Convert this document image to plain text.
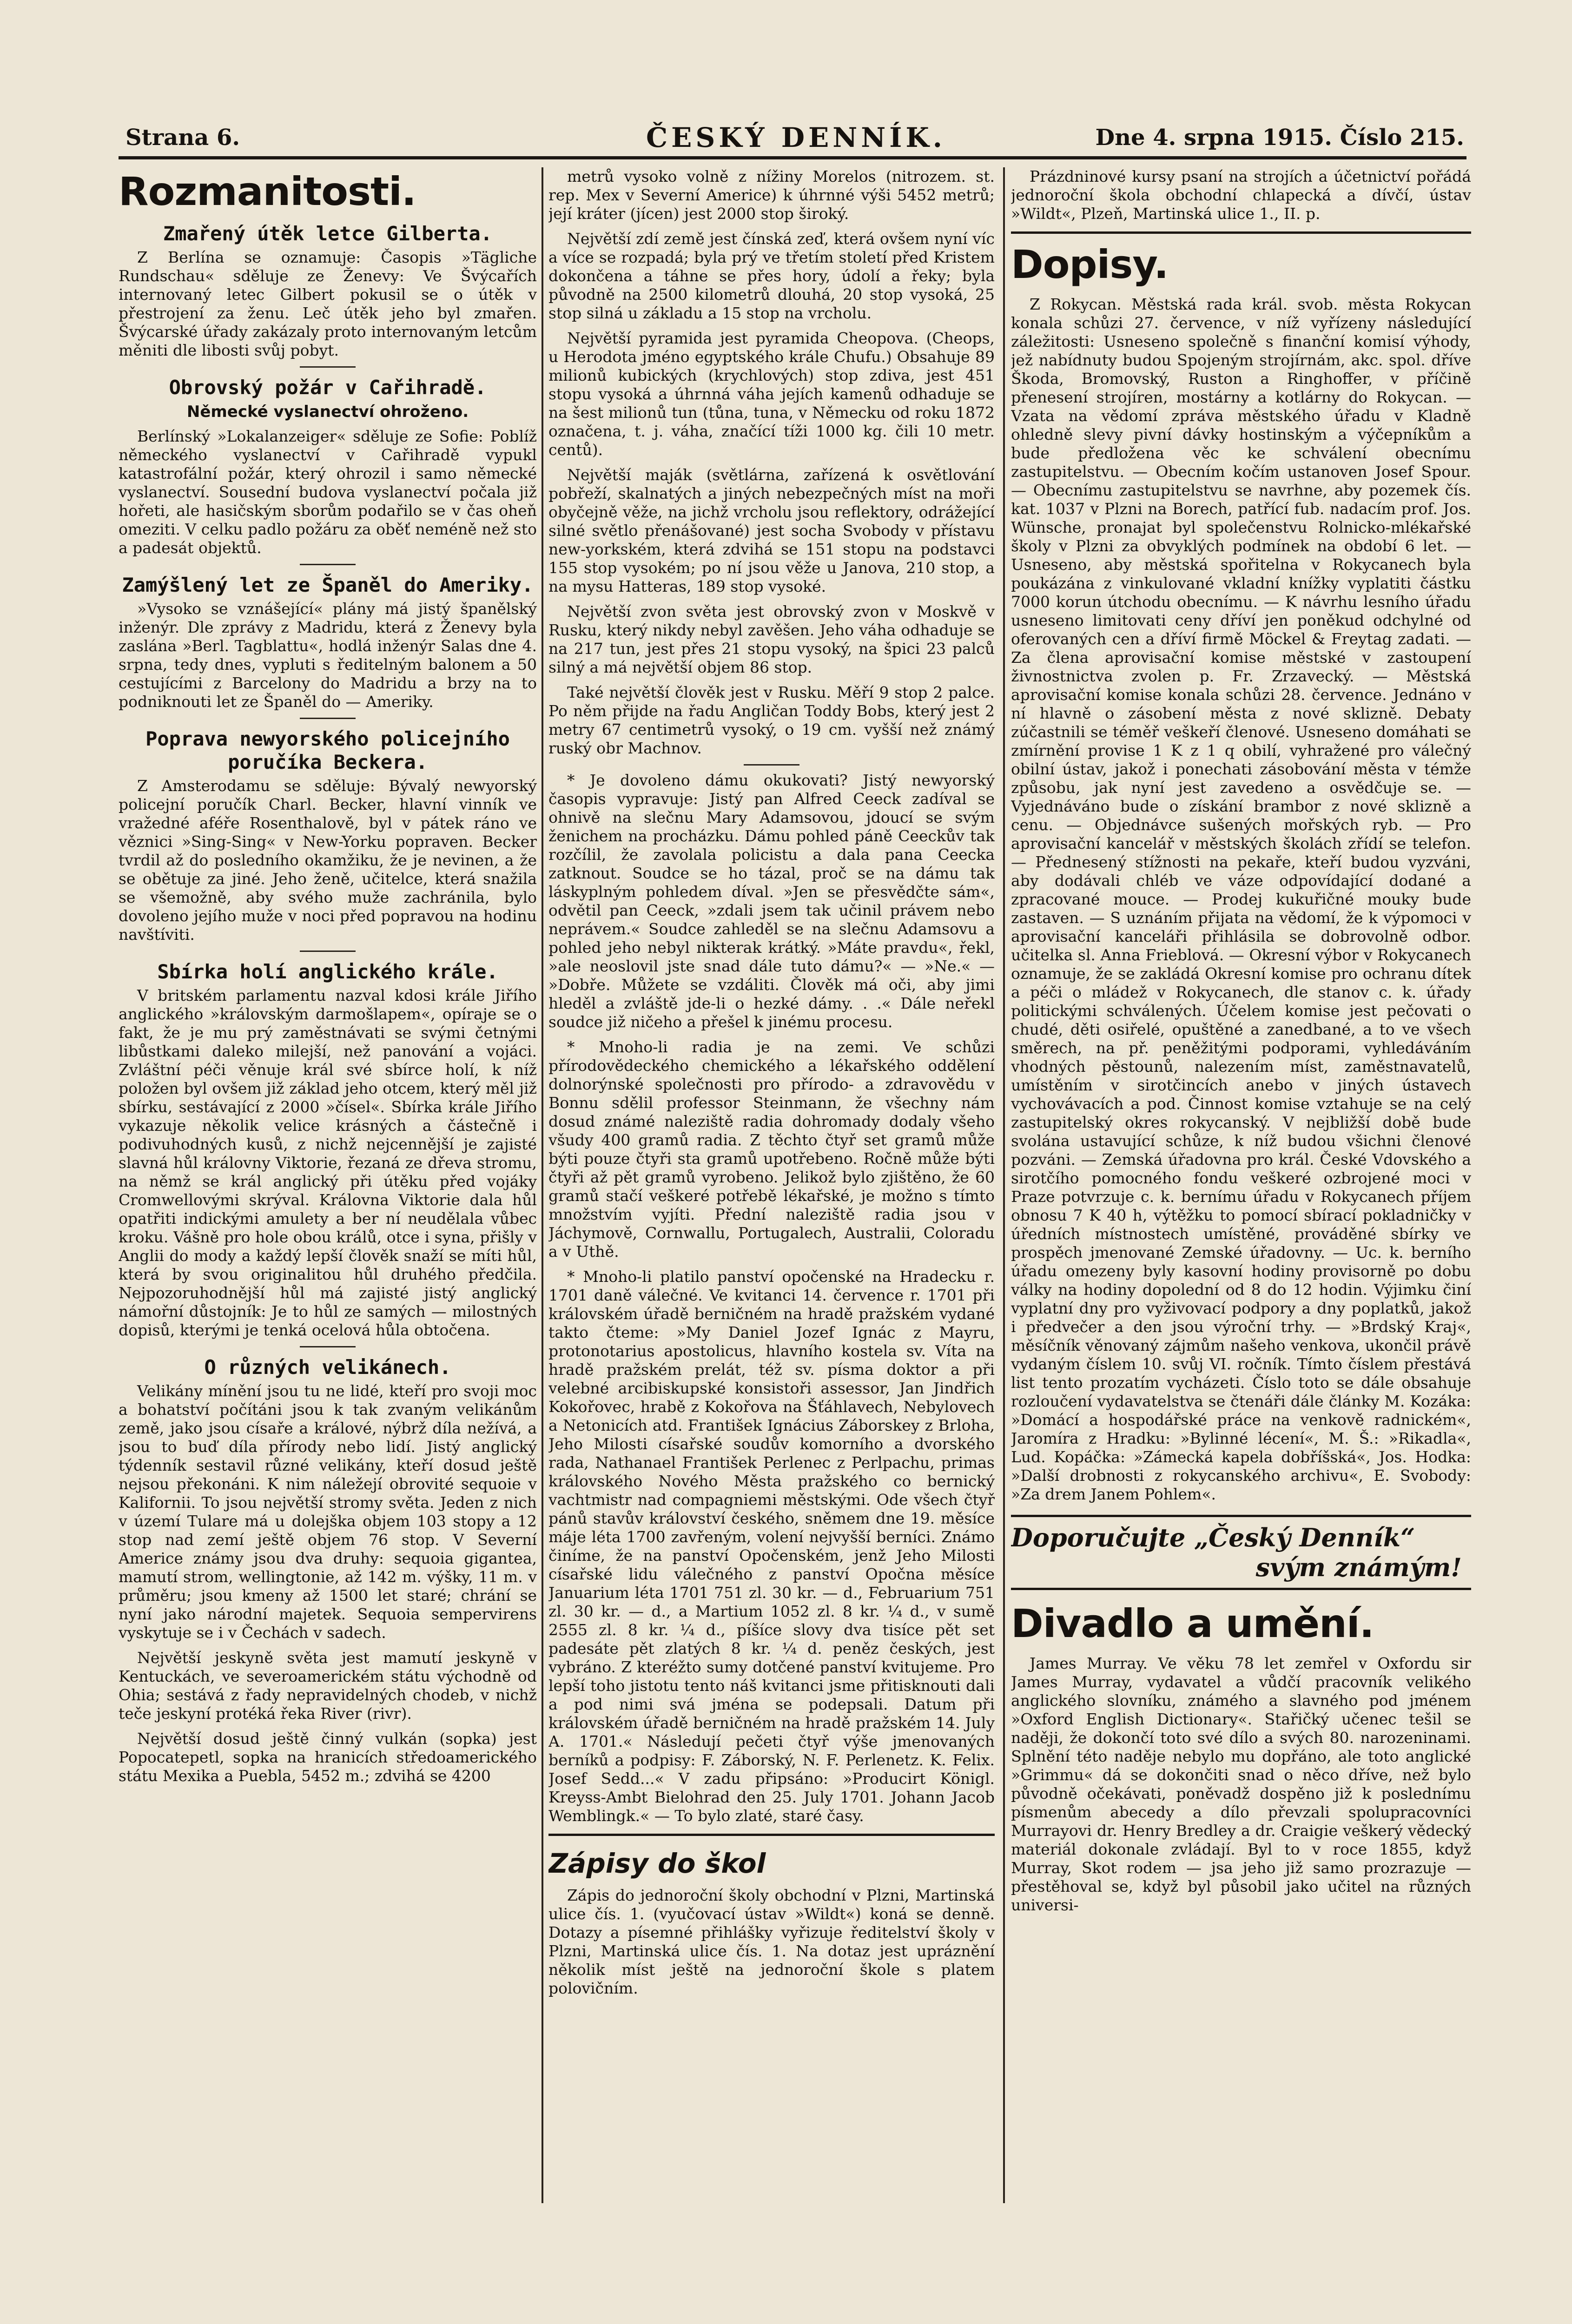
Strana 6.	ČESKÝ DENNÍK.	Dne 4. srpna 1915. Číslo 215.
Rozmanitosti.
Zmařený útěk letce Gilberta.

Z Berlína se oznamuje: Časopis »Tägliche Rundschau« sděluje ze Ženevy: Ve Švýcařích internovaný letec Gilbert pokusil se o útěk v přestrojení za ženu. Leč útěk jeho byl zmařen. Švýcarské úřady zakázaly proto internovaným letcům měniti dle libosti svůj pobyt.

Obrovský požár v Cařihradě.
Německé vyslanectví ohroženo.

Berlínský »Lokalanzeiger« sděluje ze Sofie: Poblíž německého vyslanectví v Cařihradě vypukl katastrofální požár, který ohrozil i samo německé vyslanectví. Sousední budova vyslanectví počala již hořeti, ale hasičským sborům podařilo se v čas oheň omeziti. V celku padlo požáru za oběť neméně než sto a padesát objektů.

Zamýšlený let ze Španěl do Ameriky.

»Vysoko se vznášející« plány má jistý španělský inženýr. Dle zprávy z Madridu, která z Ženevy byla zaslána »Berl. Tagblattu«, hodlá inženýr Salas dne 4. srpna, tedy dnes, vypluti s ředitelným balonem a 50 cestujícími z Barcelony do Madridu a brzy na to podniknouti let ze Španěl do — Ameriky.

Poprava newyorského policejního poručíka Beckera.

Z Amsterodamu se sděluje: Bývalý newyorský policejní poručík Charl. Becker, hlavní vinník ve vražedné aféře Rosenthalově, byl v pátek ráno ve věznici »Sing-Sing« v New-Yorku popraven. Becker tvrdil až do posledního okamžiku, že je nevinen, a že se obětuje za jiné. Jeho ženě, učitelce, která snažila se všemožně, aby svého muže zachránila, bylo dovoleno jejího muže v noci před popravou na hodinu navštíviti.

Sbírka holí anglického krále.

V britském parlamentu nazval kdosi krále Jiřího anglického »královským darmošlapem«, opíraje se o fakt, že je mu prý zaměstnávati se svými četnými libůstkami daleko milejší, než panování a vojáci. Zvláštní péči věnuje král své sbírce holí, k níž položen byl ovšem již základ jeho otcem, který měl již sbírku, sestávající z 2000 »čísel«. Sbírka krále Jiřího vykazuje několik velice krásných a částečně i podivuhodných kusů, z nichž nejcennější je zajisté slavná hůl královny Viktorie, řezaná ze dřeva stromu, na němž se král anglický při útěku před vojáky Cromwellovými skrýval. Královna Viktorie dala hůl opatřiti indickými amulety a ber ní neudělala vůbec kroku. Vášně pro hole obou králů, otce i syna, přišly v Anglii do mody a každý lepší člověk snaží se míti hůl, která by svou originalitou hůl druhého předčila. Nejpozoruhodnější hůl má zajisté jistý anglický námořní důstojník: Je to hůl ze samých — milostných dopisů, kterými je tenká ocelová hůla obtočena.

O různých velikánech.

Velikány mínění jsou tu ne lidé, kteří pro svoji moc a bohatství počítáni jsou k tak zvaným velikánům země, jako jsou císaře a králové, nýbrž díla nežívá, a jsou to buď díla přírody nebo lidí. Jistý anglický týdenník sestavil různé velikány, kteří dosud ještě nejsou překonáni. K nim náležejí obrovité sequoie v Kalifornii. To jsou největší stromy světa. Jeden z nich v území Tulare má u dolejška objem 103 stopy a 12 stop nad zemí ještě objem 76 stop. V Severní Americe známy jsou dva druhy: sequoia gigantea, mamutí strom, wellingtonie, až 142 m. výšky, 11 m. v průměru; jsou kmeny až 1500 let staré; chrání se nyní jako národní majetek. Sequoia sempervirens vyskytuje se i v Čechách v sadech.

Největší jeskyně světa jest mamutí jeskyně v Kentuckách, ve severoamerickém státu východně od Ohia; sestává z řady nepravidelných chodeb, v nichž teče jeskyní protéká řeka River (rivr).

Největší dosud ještě činný vulkán (sopka) jest Popocatepetl, sopka na hranicích středoamerického státu Mexika a Puebla, 5452 m.; zdvihá se 4200

metrů vysoko volně z nížiny Morelos (nitrozem. st. rep. Mex v Severní Americe) k úhrnné výši 5452 metrů; její kráter (jícen) jest 2000 stop široký.

Největší zdí země jest čínská zeď, která ovšem nyní víc a více se rozpadá; byla prý ve třetím století před Kristem dokončena a táhne se přes hory, údolí a řeky; byla původně na 2500 kilometrů dlouhá, 20 stop vysoká, 25 stop silná u základu a 15 stop na vrcholu.

Největší pyramida jest pyramida Cheopova. (Cheops, u Herodota jméno egyptského krále Chufu.) Obsahuje 89 milionů kubických (krychlových) stop zdiva, jest 451 stopu vysoká a úhrnná váha jejích kamenů odhaduje se na šest milionů tun (tůna, tuna, v Německu od roku 1872 označena, t. j. váha, značící tíži 1000 kg. čili 10 metr. centů).

Největší maják (světlárna, zařízená k osvětlování pobřeží, skalnatých a jiných nebezpečných míst na moři obyčejně věže, na jichž vrcholu jsou reflektory, odrážející silné světlo přenášované) jest socha Svobody v přístavu new-yorkském, která zdvihá se 151 stopu na podstavci 155 stop vysokém; po ní jsou věže u Janova, 210 stop, a na mysu Hatteras, 189 stop vysoké.

Největší zvon světa jest obrovský zvon v Moskvě v Rusku, který nikdy nebyl zavěšen. Jeho váha odhaduje se na 217 tun, jest přes 21 stopu vysoký, na špici 23 palců silný a má největší objem 86 stop.

Také největší člověk jest v Rusku. Měří 9 stop 2 palce. Po něm přijde na řadu Angličan Toddy Bobs, který jest 2 metry 67 centimetrů vysoký, o 19 cm. vyšší než známý ruský obr Machnov.

* Je dovoleno dámu okukovati? Jistý newyorský časopis vypravuje: Jistý pan Alfred Ceeck zadíval se ohnivě na slečnu Mary Adamsovou, jdoucí se svým ženichem na procházku. Dámu pohled páně Ceeckův tak rozčílil, že zavolala policistu a dala pana Ceecka zatknout. Soudce se ho tázal, proč se na dámu tak láskyplným pohledem díval. »Jen se přesvědčte sám«, odvětil pan Ceeck, »zdali jsem tak učinil právem nebo neprávem.« Soudce zahleděl se na slečnu Adamsovu a pohled jeho nebyl nikterak krátký. »Máte pravdu«, řekl, »ale neoslovil jste snad dále tuto dámu?« — »Ne.« — »Dobře. Můžete se vzdáliti. Člověk má oči, aby jimi hleděl a zvláště jde-li o hezké dámy. . .« Dále neřekl soudce již ničeho a přešel k jinému procesu.

* Mnoho-li radia je na zemi. Ve schůzi přírodovědeckého chemického a lékařského oddělení dolnorýnské společnosti pro přírodo- a zdravovědu v Bonnu sdělil professor Steinmann, že všechny nám dosud známé naleziště radia dohromady dodaly všeho všudy 400 gramů radia. Z těchto čtyř set gramů může býti pouze čtyři sta gramů upotřebeno. Ročně může býti čtyři až pět gramů vyrobeno. Jelikož bylo zjištěno, že 60 gramů stačí veškeré potřebě lékařské, je možno s tímto množstvím vyjíti. Přední naleziště radia jsou v Jáchymově, Cornwallu, Portugalech, Australii, Coloradu a v Uthě.

* Mnoho-li platilo panství opočenské na Hradecku r. 1701 daně válečné. Ve kvitanci 14. července r. 1701 při královském úřadě berničném na hradě pražském vydané takto čteme: »My Daniel Jozef Ignác z Mayru, protonotarius apostolicus, hlavního kostela sv. Víta na hradě pražském prelát, též sv. písma doktor a při velebné arcibiskupské konsistoři assessor, Jan Jindřich Kokořovec, hrabě z Kokořova na Šťáhlavech, Nebylovech a Netonicích atd. František Ignácius Záborskey z Brloha, Jeho Milosti císařské soudův komorního a dvorského rada, Nathanael František Perlenec z Perlpachu, primas královského Nového Města pražského co bernický vachtmistr nad compagniemi městskými. Ode všech čtyř pánů stavův království českého, sněmem dne 19. měsíce máje léta 1700 zavřeným, volení nejvyšší berníci. Známo činíme, že na panství Opočenském, jenž Jeho Milosti císařské lidu válečného z panství Opočna měsíce Januarium léta 1701 751 zl. 30 kr. — d., Februarium 751 zl. 30 kr. — d., a Martium 1052 zl. 8 kr. ¼ d., v sumě 2555 zl. 8 kr. ¼ d., píšíce slovy dva tisíce pět set padesáte pět zlatých 8 kr. ¼ d. peněz českých, jest vybráno. Z kteréžto sumy dotčené panství kvitujeme. Pro lepší toho jistotu tento náš kvitanci jsme přitisknouti dali a pod nimi svá jména se podepsali. Datum při královském úřadě berničném na hradě pražském 14. July A. 1701.« Následují pečeti čtyř výše jmenovaných berníků a podpisy: F. Záborský, N. F. Perlenetz. K. Felix. Josef Sedd...« V zadu připsáno: »Producirt Königl. Kreyss-Ambt Bielohrad den 25. July 1701. Johann Jacob Wemblingk.« — To bylo zlaté, staré časy.

Zápisy do škol

Zápis do jednoroční školy obchodní v Plzni, Martinská ulice čís. 1. (vyučovací ústav »Wildt«) koná se denně. Dotazy a písemné přihlášky vyřizuje ředitelství školy v Plzni, Martinská ulice čís. 1. Na dotaz jest upráznění několik míst ještě na jednoroční škole s platem polovičním.

Prázdninové kursy psaní na strojích a účetnictví pořádá jednoroční škola obchodní chlapecká a dívčí, ústav »Wildt«, Plzeň, Martinská ulice 1., II. p.

Dopisy.

Z Rokycan. Městská rada král. svob. města Rokycan konala schůzi 27. července, v níž vyřízeny následující záležitosti: Usneseno společně s finanční komisí výhody, jež nabídnuty budou Spojeným strojírnám, akc. spol. dříve Škoda, Bromovský, Ruston a Ringhoffer, v příčině přenesení strojíren, mostárny a kotlárny do Rokycan. — Vzata na vědomí zpráva městského úřadu v Kladně ohledně slevy pivní dávky hostinským a výčepníkům a bude předložena věc ke schválení obecnímu zastupitelstvu. — Obecním kočím ustanoven Josef Spour. — Obecnímu zastupitelstvu se navrhne, aby pozemek čís. kat. 1037 v Plzni na Borech, patřící fub. nadacím prof. Jos. Wünsche, pronajat byl společenstvu Rolnicko-mlékařské školy v Plzni za obvyklých podmínek na období 6 let. — Usneseno, aby městská spořitelna v Rokycanech byla poukázána z vinkulované vkladní knížky vyplatiti částku 7000 korun útchodu obecnímu. — K návrhu lesního úřadu usneseno limitovati ceny dříví jen poněkud odchylné od oferovaných cen a dříví firmě Möckel & Freytag zadati. — Za člena aprovisační komise městské v zastoupení živnostnictva zvolen p. Fr. Zrzavecký. — Městská aprovisační komise konala schůzi 28. července. Jednáno v ní hlavně o zásobení města z nové sklizně. Debaty zúčastnili se téměř veškeří členové. Usneseno domáhati se zmírnění provise 1 K z 1 q obilí, vyhražené pro válečný obilní ústav, jakož i ponechati zásobování města v témže způsobu, jak nyní jest zavedeno a osvědčuje se. — Vyjednáváno bude o získání brambor z nové sklizně a cenu. — Objednávce sušených mořských ryb. — Pro aprovisační kancelář v městských školách zřídí se telefon. — Přednesený stížnosti na pekaře, kteří budou vyzváni, aby dodávali chléb ve váze odpovídající dodané a zpracované mouce. — Prodej kukuřičné mouky bude zastaven. — S uznáním přijata na vědomí, že k výpomoci v aprovisační kanceláři přihlásila se dobrovolně odbor. učitelka sl. Anna Frieblová. — Okresní výbor v Rokycanech oznamuje, že se zakládá Okresní komise pro ochranu dítek a péči o mládež v Rokycanech, dle stanov c. k. úřady politickými schválených. Účelem komise jest pečovati o chudé, děti osiřelé, opuštěné a zanedbané, a to ve všech směrech, na př. peněžitými podporami, vyhledáváním vhodných pěstounů, nalezením míst, zaměstnavatelů, umístěním v sirotčincích anebo v jiných ústavech vychovávacích a pod. Činnost komise vztahuje se na celý zastupitelský okres rokycanský. V nejbližší době bude svolána ustavující schůze, k níž budou všichni členové pozváni. — Zemská úřadovna pro král. České Vdovského a sirotčího pomocného fondu veškeré ozbrojené moci v Praze potvrzuje c. k. bernímu úřadu v Rokycanech příjem obnosu 7 K 40 h, výtěžku to pomocí sbírací pokladničky v úředních místnostech umístěné, prováděné sbírky ve prospěch jmenované Zemské úřadovny. — Uc. k. berního úřadu omezeny byly kasovní hodiny provisorně po dobu války na hodiny dopolední od 8 do 12 hodin. Výjimku činí vyplatní dny pro vyživovací podpory a dny poplatků, jakož i předvečer a den jsou výroční trhy. — »Brdský Kraj«, měsíčník věnovaný zájmům našeho venkova, ukončil právě vydaným číslem 10. svůj VI. ročník. Tímto číslem přestává list tento prozatím vycházeti. Číslo toto se dále obsahuje rozloučení vydavatelstva se čtenáři dále články M. Kozáka: »Domácí a hospodářské práce na venkově radnickém«, Jaromíra z Hradku: »Bylinné lécení«, M. Š.: »Rikadla«, Lud. Kopáčka: »Zámecká kapela dobříšská«, Jos. Hodka: »Další drobnosti z rokycanského archivu«, E. Svobody: »Za drem Janem Pohlem«.

Doporučujte „Český Denník“
svým známým!
Divadlo a umění.

James Murray. Ve věku 78 let zemřel v Oxfordu sir James Murray, vydavatel a vůdčí pracovník velikého anglického slovníku, známého a slavného pod jménem »Oxford English Dictionary«. Stařičký učenec tešil se naději, že dokončí toto své dílo a svých 80. narozeninami. Splnění této naděje nebylo mu dopřáno, ale toto anglické »Grimmu« dá se dokončiti snad o něco dříve, než bylo původně očekávati, poněvadž dospěno již k poslednímu písmenům abecedy a dílo převzali spolupracovníci Murrayovi dr. Henry Bredley a dr. Craigie veškerý vědecký materiál dokonale zvládají. Byl to v roce 1855, když Murray, Skot rodem — jsa jeho již samo prozrazuje — přestěhoval se, když byl působil jako učitel na různých universi-
